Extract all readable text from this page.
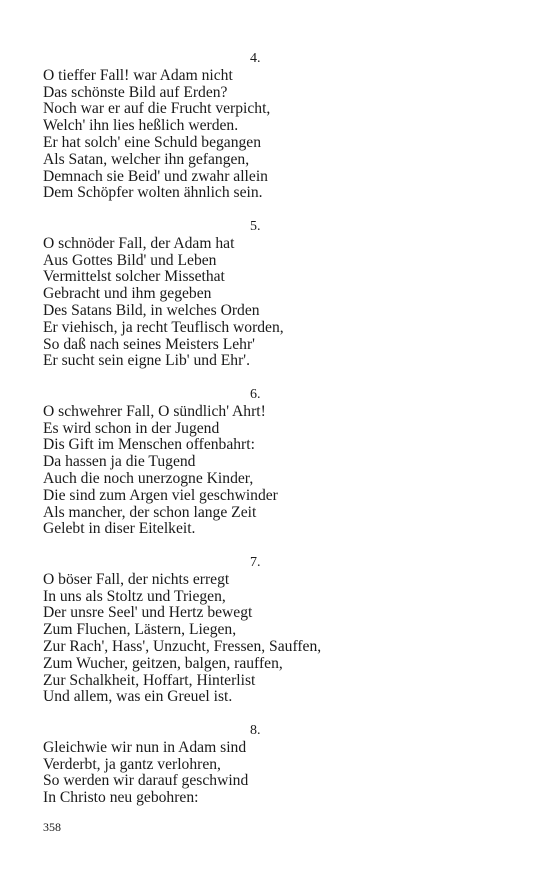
4.
O tieffer Fall! war Adam nicht
Das schönste Bild auf Erden?
Noch war er auf die Frucht verpicht,
Welch' ihn lies heßlich werden.
Er hat solch' eine Schuld begangen
Als Satan, welcher ihn gefangen,
Demnach sie Beid' und zwahr allein
Dem Schöpfer wolten ähnlich sein.
5.
O schnöder Fall, der Adam hat
Aus Gottes Bild' und Leben
Vermittelst solcher Missethat
Gebracht und ihm gegeben
Des Satans Bild, in welches Orden
Er viehisch, ja recht Teuflisch worden,
So daß nach seines Meisters Lehr'
Er sucht sein eigne Lib' und Ehr'.
6.
O schwehrer Fall, O sündlich' Ahrt!
Es wird schon in der Jugend
Dis Gift im Menschen offenbahrt:
Da hassen ja die Tugend
Auch die noch unerzogne Kinder,
Die sind zum Argen viel geschwinder
Als mancher, der schon lange Zeit
Gelebt in diser Eitelkeit.
7.
O böser Fall, der nichts erregt
In uns als Stoltz und Triegen,
Der unsre Seel' und Hertz bewegt
Zum Fluchen, Lästern, Liegen,
Zur Rach', Hass', Unzucht, Fressen, Sauffen,
Zum Wucher, geitzen, balgen, rauffen,
Zur Schalkheit, Hoffart, Hinterlist
Und allem, was ein Greuel ist.
8.
Gleichwie wir nun in Adam sind
Verderbt, ja gantz verlohren,
So werden wir darauf geschwind
In Christo neu gebohren:
358
